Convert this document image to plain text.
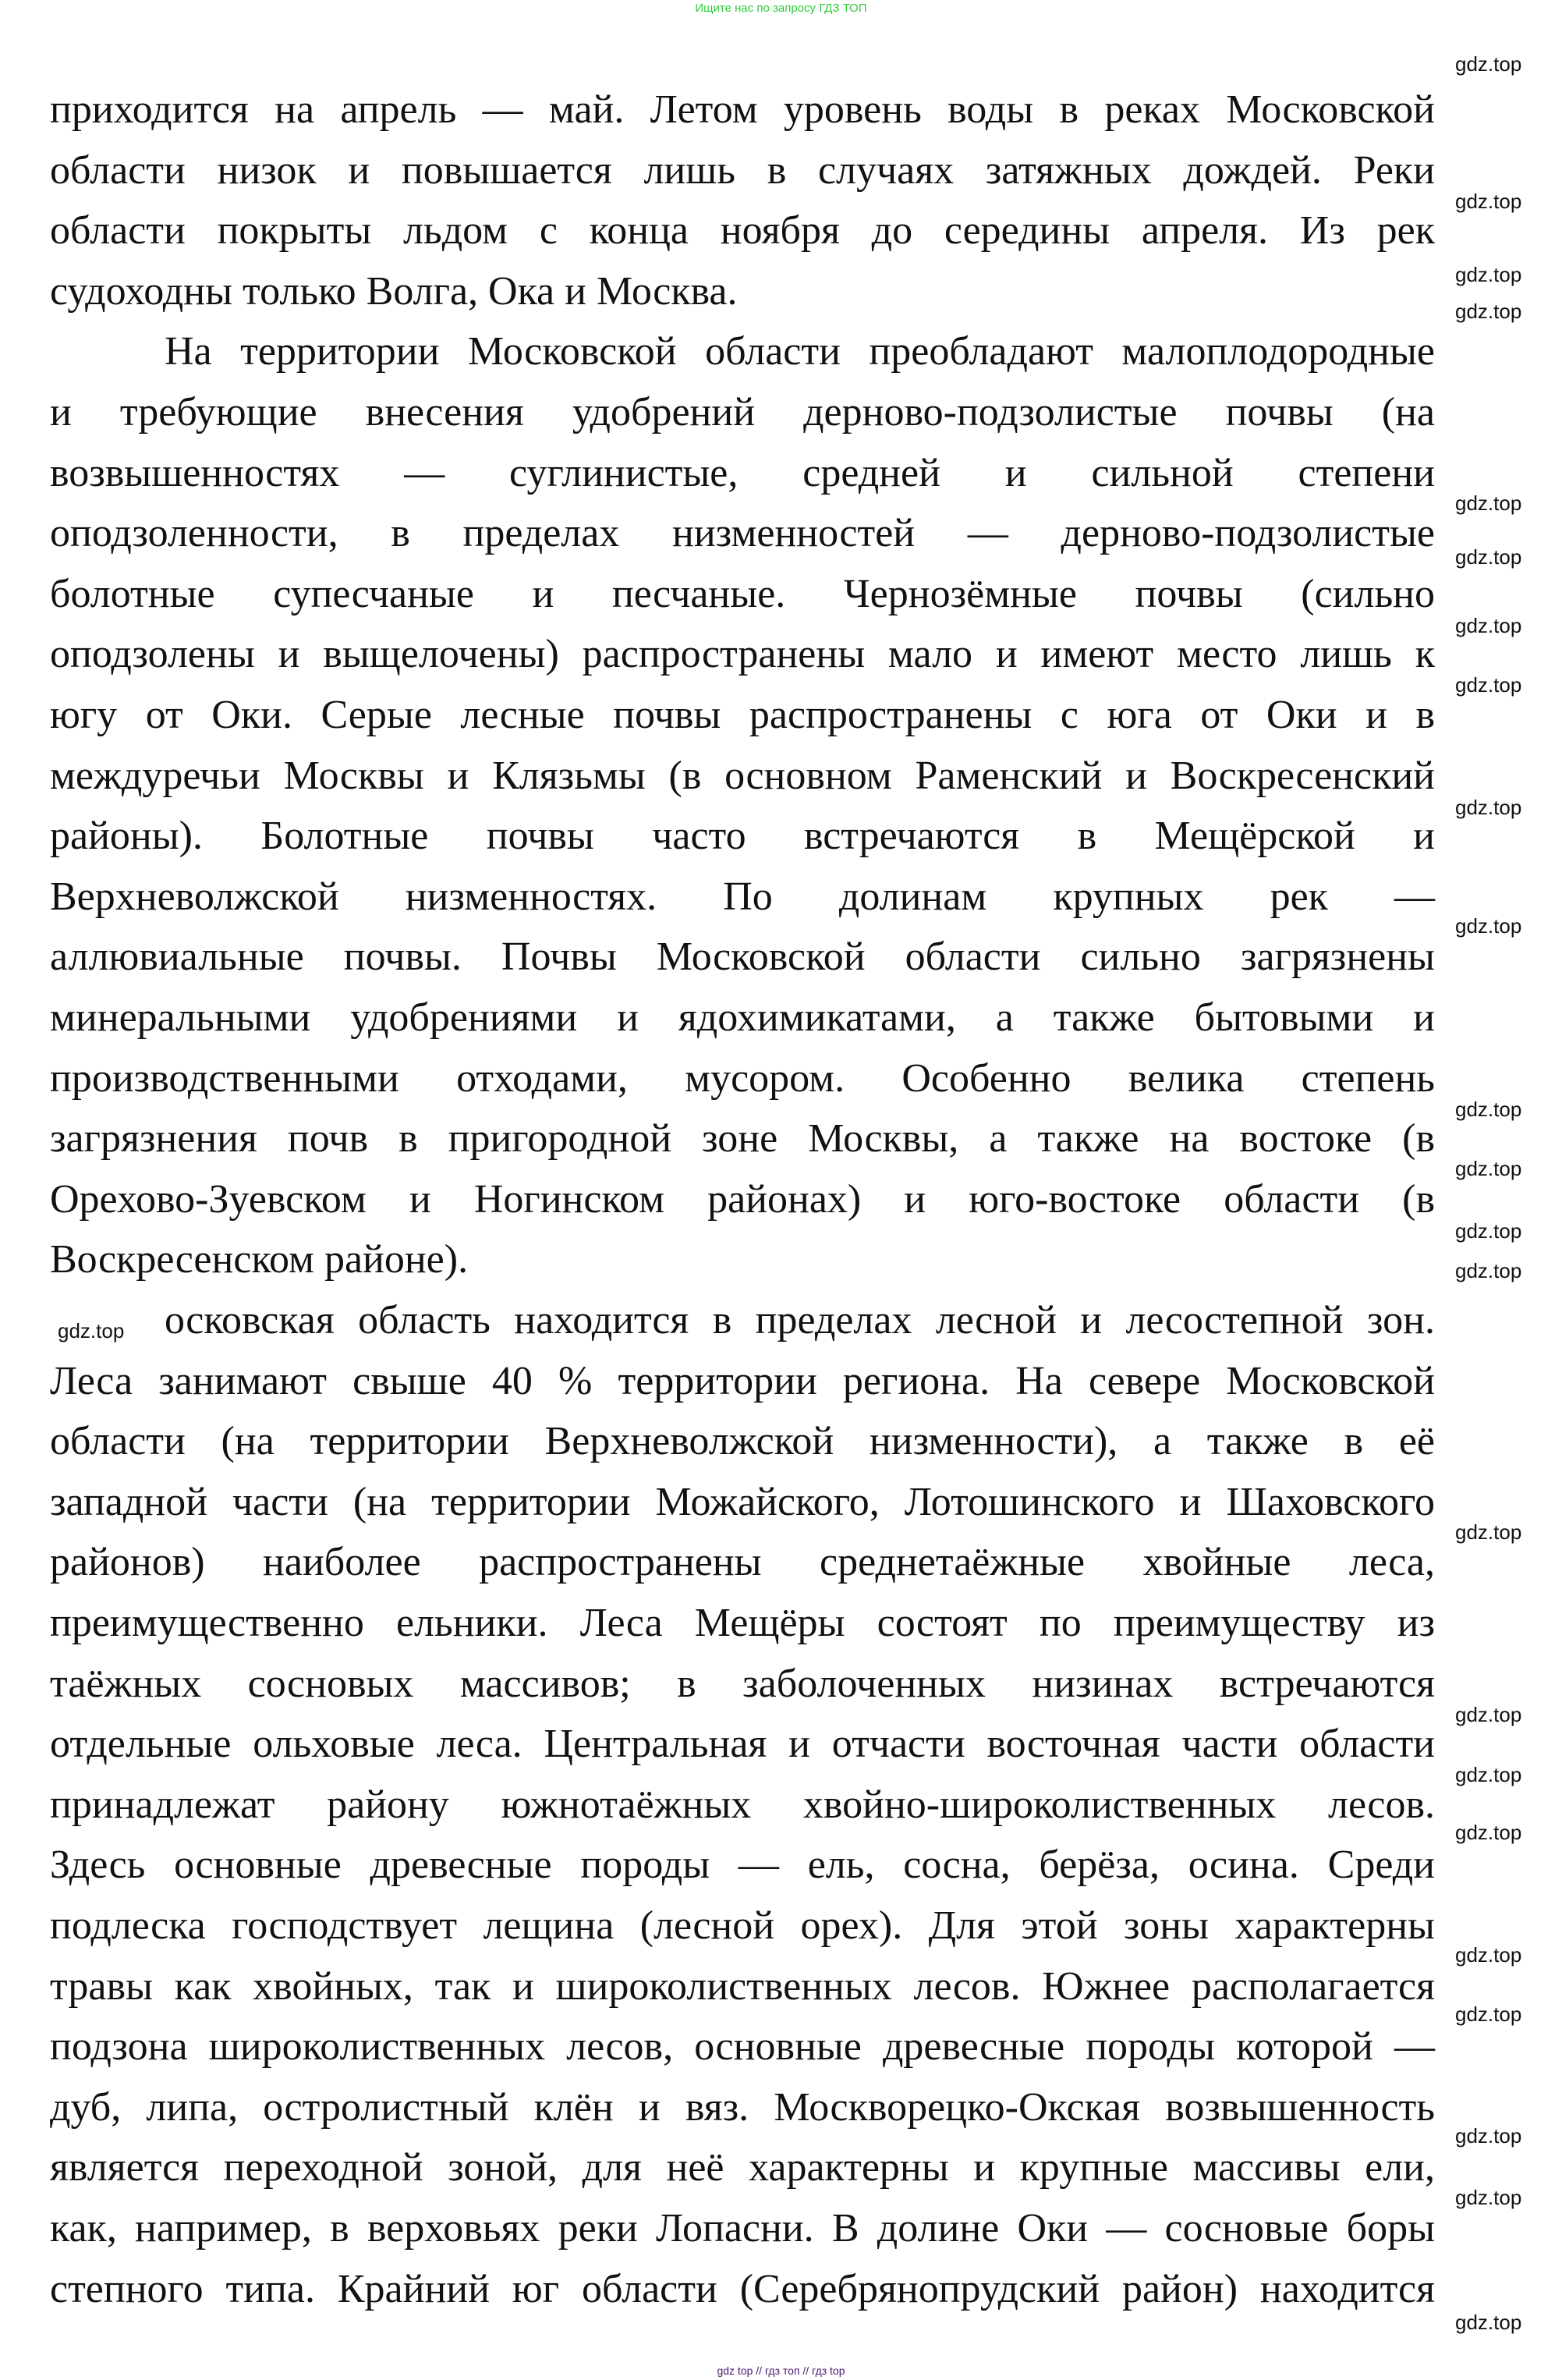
Ищите нас по запросу ГДЗ ТОП
приходится на апрель — май. Летом уровень воды в реках Московской
области низок и повышается лишь в случаях затяжных дождей. Реки
области покрыты льдом с конца ноября до середины апреля. Из рек
судоходны только Волга, Ока и Москва.
На территории Московской области преобладают малоплодородные
и требующие внесения удобрений дерново-подзолистые почвы (на
возвышенностях — суглинистые, средней и сильной степени
оподзоленности, в пределах низменностей — дерново-подзолистые
болотные супесчаные и песчаные. Чернозёмные почвы (сильно
оподзолены и выщелочены) распространены мало и имеют место лишь к
югу от Оки. Серые лесные почвы распространены с юга от Оки и в
междуречьи Москвы и Клязьмы (в основном Раменский и Воскресенский
районы). Болотные почвы часто встречаются в Мещёрской и
Верхневолжской низменностях. По долинам крупных рек —
аллювиальные почвы. Почвы Московской области сильно загрязнены
минеральными удобрениями и ядохимикатами, а также бытовыми и
производственными отходами, мусором. Особенно велика степень
загрязнения почв в пригородной зоне Москвы, а также на востоке (в
Орехово-Зуевском и Ногинском районах) и юго-востоке области (в
Воскресенском районе).
осковская область находится в пределах лесной и лесостепной зон.
Леса занимают свыше 40 % территории региона. На севере Московской
области (на территории Верхневолжской низменности), а также в её
западной части (на территории Можайского, Лотошинского и Шаховского
районов) наиболее распространены среднетаёжные хвойные леса,
преимущественно ельники. Леса Мещёры состоят по преимуществу из
таёжных сосновых массивов; в заболоченных низинах встречаются
отдельные ольховые леса. Центральная и отчасти восточная части области
принадлежат району южнотаёжных хвойно-широколиственных лесов.
Здесь основные древесные породы — ель, сосна, берёза, осина. Среди
подлеска господствует лещина (лесной орех). Для этой зоны характерны
травы как хвойных, так и широколиственных лесов. Южнее располагается
подзона широколиственных лесов, основные древесные породы которой —
дуб, липа, остролистный клён и вяз. Москворецко-Окская возвышенность
является переходной зоной, для неё характерны и крупные массивы ели,
как, например, в верховьях реки Лопасни. В долине Оки — сосновые боры
степного типа. Крайний юг области (Серебрянопрудский район) находится
gdz.top
gdz.top
gdz.top
gdz.top
gdz.top
gdz.top
gdz.top
gdz.top
gdz.top
gdz.top
gdz.top
gdz.top
gdz.top
gdz.top
gdz.top
gdz.top
gdz.top
gdz.top
gdz.top
gdz.top
gdz.top
gdz.top
gdz.top
gdz.top
gdz top // гдз топ // гдз top
